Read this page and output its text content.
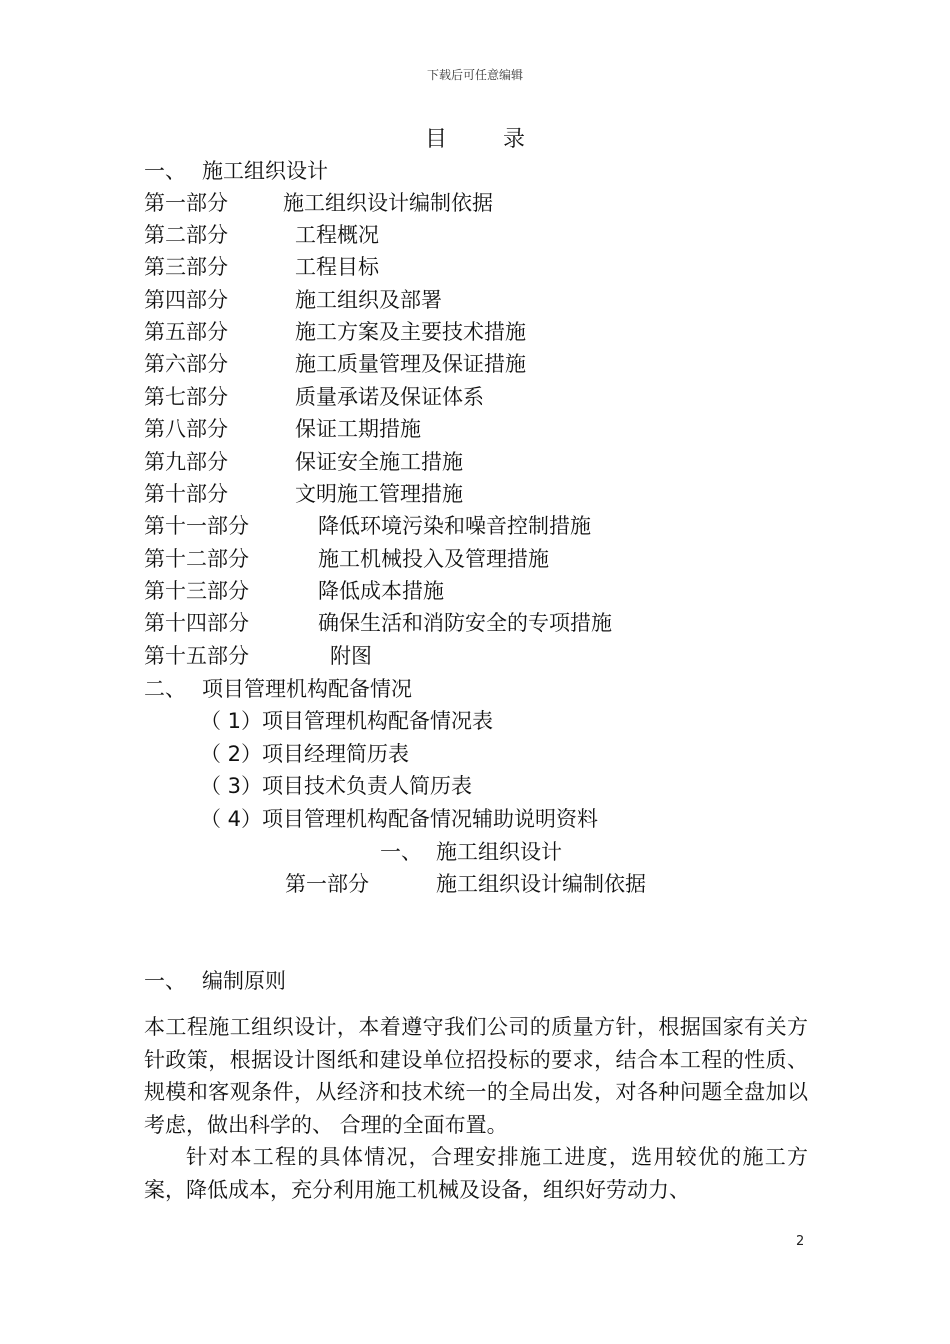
下载后可任意编辑
目	录
一、 施工组织设计
第一部分	施工组织设计编制依据
第二部分	工程概况
第三部分	工程目标
第四部分	施工组织及部署
第五部分	施工方案及主要技术措施
第六部分	施工质量管理及保证措施
第七部分	质量承诺及保证体系
第八部分	保证工期措施
第九部分	保证安全施工措施
第十部分	文明施工管理措施
第十一部分	降低环境污染和噪音控制措施
第十二部分	施工机械投入及管理措施
第十三部分	降低成本措施
第十四部分	确保生活和消防安全的专项措施
第十五部分	附图
二、 项目管理机构配备情况
（ 1）项目管理机构配备情况表
（ 2）项目经理简历表
（ 3）项目技术负责人简历表
（ 4）项目管理机构配备情况辅助说明资料
一、 施工组织设计
第一部分	施工组织设计编制依据
一、 编制原则

本工程施工组织设计，本着遵守我们公司的质量方针，根据国家有关方针政策，根据设计图纸和建设单位招投标的要求，结合本工程的性质、 规模和客观条件，从经济和技术统一的全局出发，对各种问题全盘加以考虑，做出科学的、 合理的全面布置。

针对本工程的具体情况，合理安排施工进度，选用较优的施工方案，降低成本，充分利用施工机械及设备，组织好劳动力、

2
